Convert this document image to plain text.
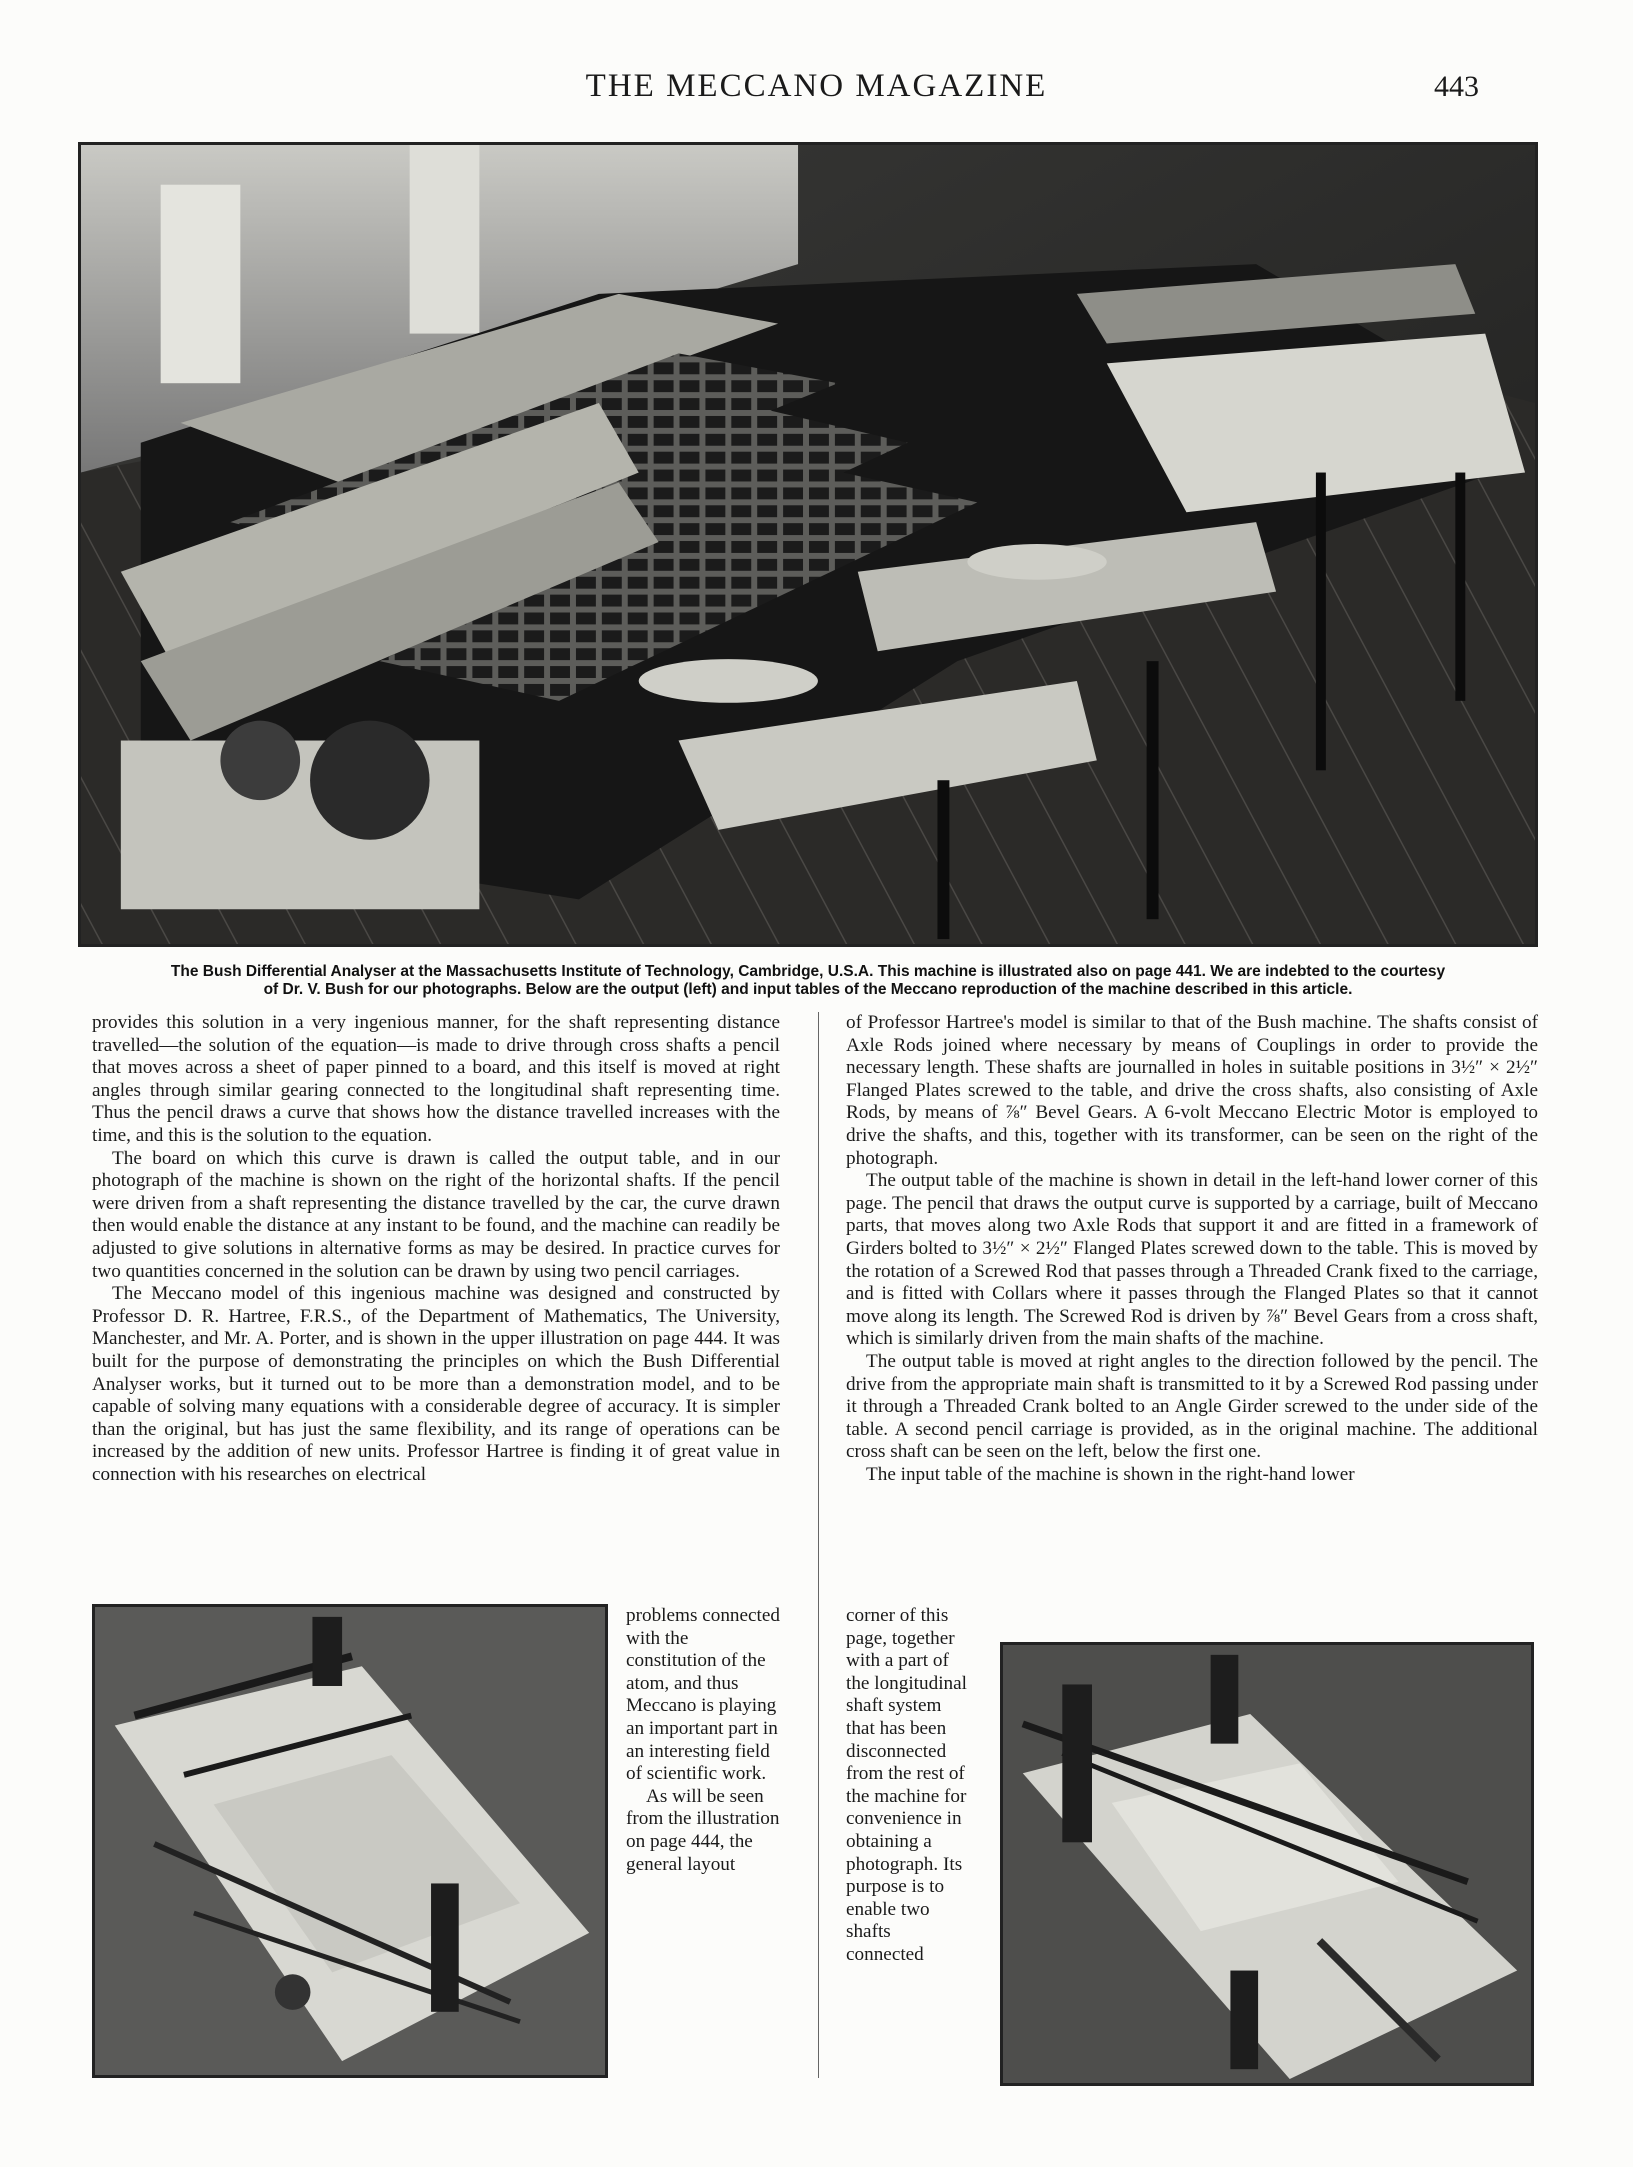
THE MECCANO MAGAZINE	443
The Bush Differential Analyser at the Massachusetts Institute of Technology, Cambridge, U.S.A. This machine is illustrated also on page 441. We are indebted to the courtesy
of Dr. V. Bush for our photographs. Below are the output (left) and input tables of the Meccano reproduction of the machine described in this article.

provides this solution in a very ingenious manner, for the shaft representing distance travelled—the solution of the equation—is made to drive through cross shafts a pencil that moves across a sheet of paper pinned to a board, and this itself is moved at right angles through similar gearing connected to the longitudinal shaft representing time. Thus the pencil draws a curve that shows how the distance travelled increases with the time, and this is the solution to the equation.

The board on which this curve is drawn is called the output table, and in our photograph of the machine is shown on the right of the horizontal shafts. If the pencil were driven from a shaft representing the distance travelled by the car, the curve drawn then would enable the distance at any instant to be found, and the machine can readily be adjusted to give solutions in alternative forms as may be desired. In practice curves for two quantities concerned in the solution can be drawn by using two pencil carriages.

The Meccano model of this ingenious machine was designed and constructed by Professor D. R. Hartree, F.R.S., of the Department of Mathematics, The University, Manchester, and Mr. A. Porter, and is shown in the upper illustration on page 444. It was built for the purpose of demonstrating the principles on which the Bush Differential Analyser works, but it turned out to be more than a demonstration model, and to be capable of solving many equations with a considerable degree of accuracy. It is simpler than the original, but has just the same flexibility, and its range of operations can be increased by the addition of new units. Professor Hartree is finding it of great value in connection with his researches on electrical

of Professor Hartree's model is similar to that of the Bush machine. The shafts consist of Axle Rods joined where necessary by means of Couplings in order to provide the necessary length. These shafts are journalled in holes in suitable positions in 3½″ × 2½″ Flanged Plates screwed to the table, and drive the cross shafts, also consisting of Axle Rods, by means of ⅞″ Bevel Gears. A 6-volt Meccano Electric Motor is employed to drive the shafts, and this, together with its transformer, can be seen on the right of the photograph.

The output table of the machine is shown in detail in the left-hand lower corner of this page. The pencil that draws the output curve is supported by a carriage, built of Meccano parts, that moves along two Axle Rods that support it and are fitted in a framework of Girders bolted to 3½″ × 2½″ Flanged Plates screwed down to the table. This is moved by the rotation of a Screwed Rod that passes through a Threaded Crank fixed to the carriage, and is fitted with Collars where it passes through the Flanged Plates so that it cannot move along its length. The Screwed Rod is driven by ⅞″ Bevel Gears from a cross shaft, which is similarly driven from the main shafts of the machine.

The output table is moved at right angles to the direction followed by the pencil. The drive from the appropriate main shaft is transmitted to it by a Screwed Rod passing under it through a Threaded Crank bolted to an Angle Girder screwed to the under side of the table. A second pencil carriage is provided, as in the original machine. The additional cross shaft can be seen on the left, below the first one.

The input table of the machine is shown in the right-hand lower

problems connected with the constitution of the atom, and thus Meccano is playing an important part in an interesting field of scientific work.

As will be seen from the illustration on page 444, the general layout

corner of this page, together with a part of the longitudinal shaft system that has been disconnected from the rest of the machine for convenience in obtaining a photograph. Its purpose is to enable two shafts connected
